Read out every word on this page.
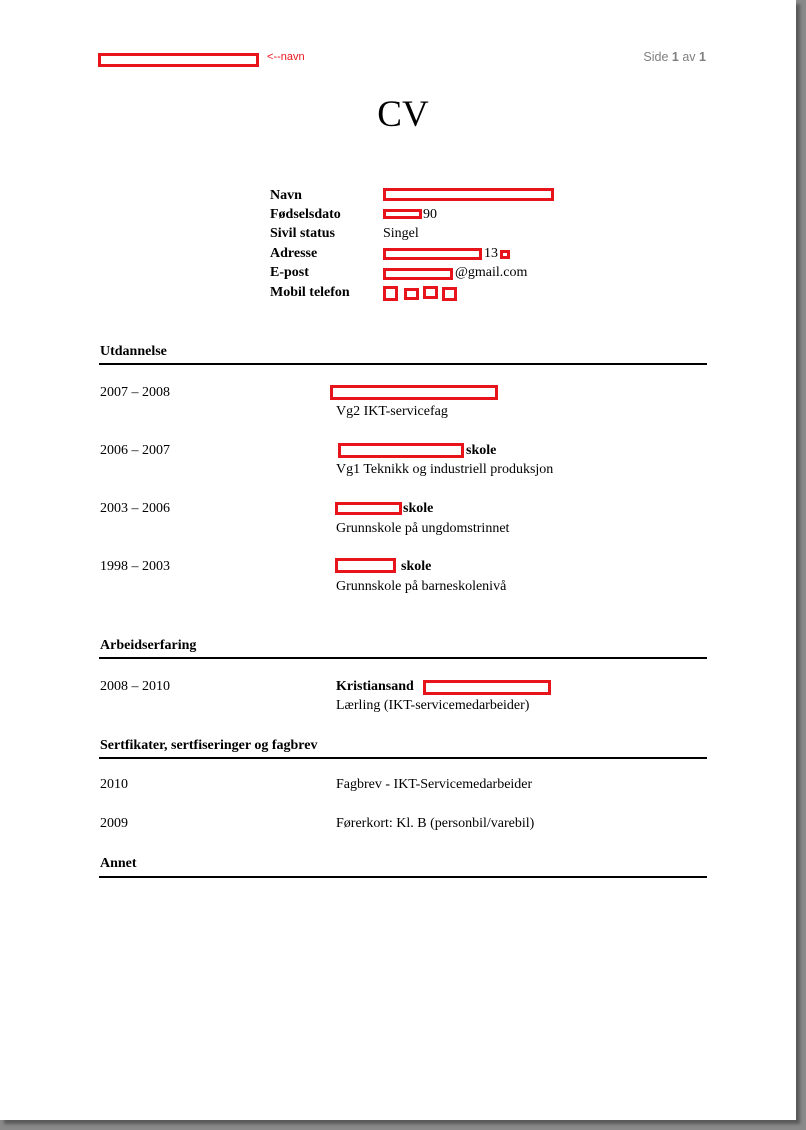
<--navn	Side 1 av 1
CV
Navn
Fødselsdato	90
Sivil status	Singel
Adresse	13
E-post	@gmail.com
Mobil telefon
Utdannelse
2007 – 2008
Vg2 IKT-servicefag
2006 – 2007	skole
Vg1 Teknikk og industriell produksjon
2003 – 2006	skole
Grunnskole på ungdomstrinnet
1998 – 2003	skole
Grunnskole på barneskolenivå
Arbeidserfaring
2008 – 2010	Kristiansand
Lærling (IKT-servicemedarbeider)
Sertfikater, sertfiseringer og fagbrev
2010	Fagbrev - IKT-Servicemedarbeider
2009	Førerkort: Kl. B (personbil/varebil)
Annet
